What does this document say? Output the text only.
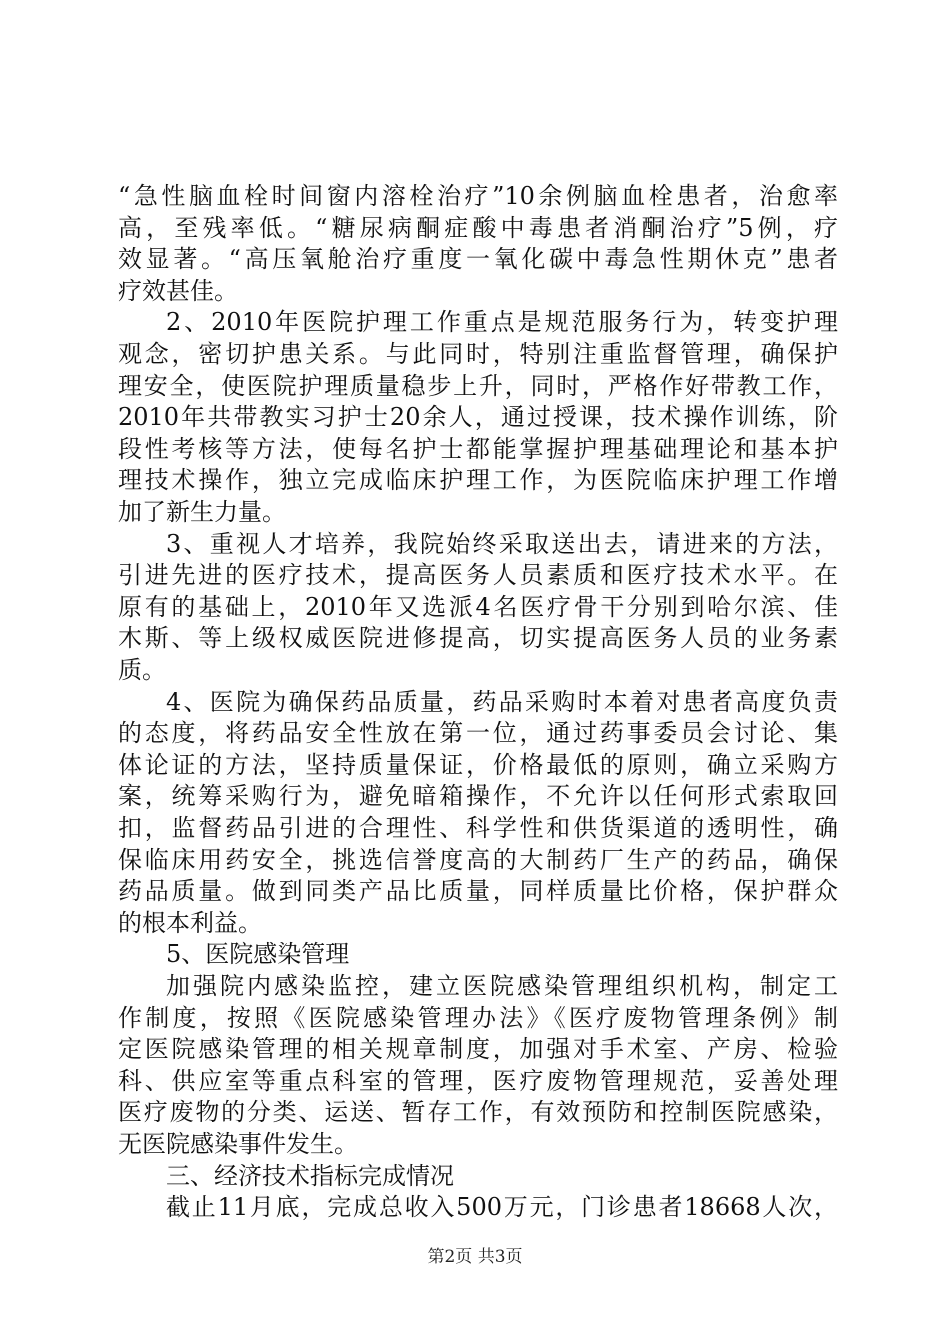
“急性脑血栓时间窗内溶栓治疗”10余例脑血栓患者，治愈率
高，至残率低。“糖尿病酮症酸中毒患者消酮治疗”5例，疗
效显著。“高压氧舱治疗重度一氧化碳中毒急性期休克”患者
疗效甚佳。
2、2010年医院护理工作重点是规范服务行为，转变护理
观念，密切护患关系。与此同时，特别注重监督管理，确保护
理安全，使医院护理质量稳步上升，同时，严格作好带教工作，
2010年共带教实习护士20余人，通过授课，技术操作训练，阶
段性考核等方法，使每名护士都能掌握护理基础理论和基本护
理技术操作，独立完成临床护理工作，为医院临床护理工作增
加了新生力量。
3、重视人才培养，我院始终采取送出去，请进来的方法，
引进先进的医疗技术，提高医务人员素质和医疗技术水平。在
原有的基础上，2010年又选派4名医疗骨干分别到哈尔滨、佳
木斯、等上级权威医院进修提高，切实提高医务人员的业务素
质。
4、医院为确保药品质量，药品采购时本着对患者高度负责
的态度，将药品安全性放在第一位，通过药事委员会讨论、集
体论证的方法，坚持质量保证，价格最低的原则，确立采购方
案，统筹采购行为，避免暗箱操作，不允许以任何形式索取回
扣，监督药品引进的合理性、科学性和供货渠道的透明性，确
保临床用药安全，挑选信誉度高的大制药厂生产的药品，确保
药品质量。做到同类产品比质量，同样质量比价格，保护群众
的根本利益。
5、医院感染管理
加强院内感染监控，建立医院感染管理组织机构，制定工
作制度，按照《医院感染管理办法》《医疗废物管理条例》制
定医院感染管理的相关规章制度，加强对手术室、产房、检验
科、供应室等重点科室的管理，医疗废物管理规范，妥善处理
医疗废物的分类、运送、暂存工作，有效预防和控制医院感染，
无医院感染事件发生。
三、经济技术指标完成情况
截止11月底，完成总收入500万元，门诊患者18668人次，
第2页 共3页
